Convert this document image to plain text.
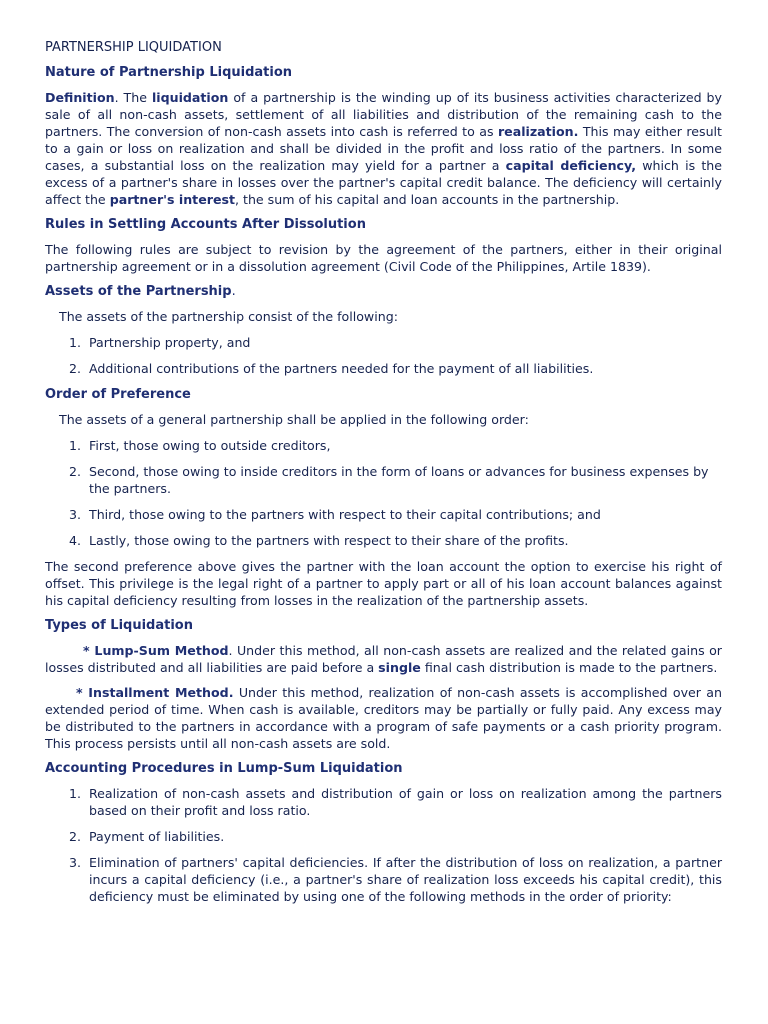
PARTNERSHIP LIQUIDATION

Nature of Partnership Liquidation

Definition. The liquidation of a partnership is the winding up of its business activities characterized by sale of all non-cash assets, settlement of all liabilities and distribution of the remaining cash to the partners. The conversion of non-cash assets into cash is referred to as realization. This may either result to a gain or loss on realization and shall be divided in the profit and loss ratio of the partners. In some cases, a substantial loss on the realization may yield for a partner a capital deficiency, which is the excess of a partner's share in losses over the partner's capital credit balance. The deficiency will certainly affect the partner's interest, the sum of his capital and loan accounts in the partnership.

Rules in Settling Accounts After Dissolution

The following rules are subject to revision by the agreement of the partners, either in their original partnership agreement or in a dissolution agreement (Civil Code of the Philippines, Artile 1839).

Assets of the Partnership.

The assets of the partnership consist of the following:

1. Partnership property, and
2. Additional contributions of the partners needed for the payment of all liabilities.

Order of Preference

The assets of a general partnership shall be applied in the following order:

1. First, those owing to outside creditors,
2. Second, those owing to inside creditors in the form of loans or advances for business expenses by the partners.
3. Third, those owing to the partners with respect to their capital contributions; and
4. Lastly, those owing to the partners with respect to their share of the profits.

The second preference above gives the partner with the loan account the option to exercise his right of offset. This privilege is the legal right of a partner to apply part or all of his loan account balances against his capital deficiency resulting from losses in the realization of the partnership assets.

Types of Liquidation

* Lump-Sum Method. Under this method, all non-cash assets are realized and the related gains or losses distributed and all liabilities are paid before a single final cash distribution is made to the partners.

* Installment Method. Under this method, realization of non-cash assets is accomplished over an extended period of time. When cash is available, creditors may be partially or fully paid. Any excess may be distributed to the partners in accordance with a program of safe payments or a cash priority program. This process persists until all non-cash assets are sold.

Accounting Procedures in Lump-Sum Liquidation

1. Realization of non-cash assets and distribution of gain or loss on realization among the partners based on their profit and loss ratio.
2. Payment of liabilities.
3. Elimination of partners' capital deficiencies. If after the distribution of loss on realization, a partner incurs a capital deficiency (i.e., a partner's share of realization loss exceeds his capital credit), this deficiency must be eliminated by using one of the following methods in the order of priority:
